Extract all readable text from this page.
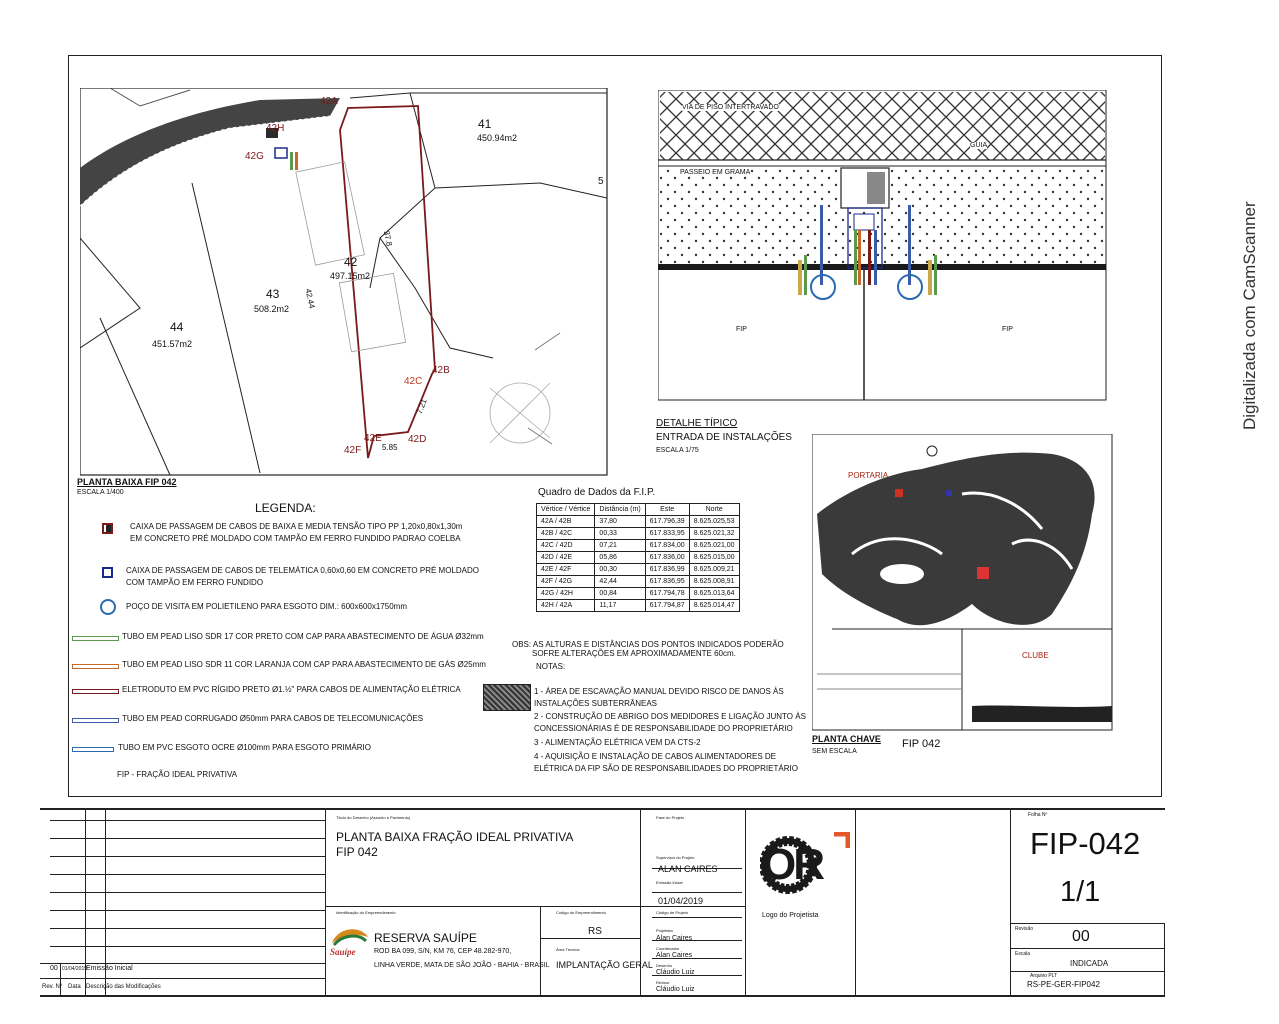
Digitalizada com CamScanner
41
450.94m2
42
497.15m2
43
508.2m2
44
451.57m2
42A
42B
42C
42D
42E
42F
42G
42H
37.8
42.44
5.85
7.21
5
PLANTA BAIXA FIP 042
ESCALA 1/400
VIA DE PISO INTERTRAVADO
GUIA
PASSEIO EM GRAMA
FIP	FIP
DETALHE TÍPICO
ENTRADA DE INSTALAÇÕES
ESCALA 1/75
PORTARIA
CLUBE
PLANTA CHAVE
SEM ESCALA
FIP 042
LEGENDA:
CAIXA DE PASSAGEM DE CABOS DE BAIXA E MEDIA TENSÃO TIPO PP 1,20x0,80x1,30m
EM CONCRETO PRÉ MOLDADO COM TAMPÃO EM FERRO FUNDIDO PADRAO COELBA
CAIXA DE PASSAGEM DE CABOS DE TELEMÁTICA 0,60x0,60 EM CONCRETO PRÉ MOLDADO
COM TAMPÃO EM FERRO FUNDIDO
POÇO DE VISITA EM POLIETILENO PARA ESGOTO DIM.: 600x600x1750mm
TUBO EM PEAD LISO SDR 17 COR PRETO COM CAP PARA ABASTECIMENTO DE ÁGUA Ø32mm
TUBO EM PEAD LISO SDR 11 COR LARANJA COM CAP PARA ABASTECIMENTO DE GÁS Ø25mm
ELETRODUTO EM PVC RÍGIDO PRETO Ø1.½" PARA CABOS DE ALIMENTAÇÃO ELÉTRICA
TUBO EM PEAD CORRUGADO Ø50mm PARA CABOS DE TELECOMUNICAÇÕES
TUBO EM PVC ESGOTO OCRE Ø100mm PARA ESGOTO PRIMÁRIO
FIP - FRAÇÃO IDEAL PRIVATIVA
Quadro de Dados da F.I.P.
Vértice / Vértice	Distância (m)	Este	Norte
42A / 42B	37,80	617.796,39	8.625.025,53
42B / 42C	00,33	617.833,95	8.625.021,32
42C / 42D	07,21	617.834,00	8.625.021,00
42D / 42E	05,86	617.836,00	8.625.015,00
42E / 42F	00,30	617.836,99	8.625.009,21
42F / 42G	42,44	617.836,95	8.625.008,91
42G / 42H	00,84	617.794,78	8.625.013,64
42H / 42A	11,17	617.794,87	8.625.014,47
OBS: AS ALTURAS E DISTÂNCIAS DOS PONTOS INDICADOS PODERÃO
SOFRE ALTERAÇÕES EM APROXIMADAMENTE 60cm.
NOTAS:
1 - ÁREA DE ESCAVAÇÃO MANUAL DEVIDO RISCO DE DANOS ÀS
INSTALAÇÕES SUBTERRÂNEAS
2 - CONSTRUÇÃO DE ABRIGO DOS MEDIDORES E LIGAÇÃO JUNTO ÀS
CONCESSIONÁRIAS É DE RESPONSABILIDADE DO PROPRIETÁRIO
3 - ALIMENTAÇÃO ELÉTRICA VEM DA CTS-2
4 - AQUISIÇÃO E INSTALAÇÃO DE CABOS ALIMENTADORES DE
ELÉTRICA DA FIP SÃO DE RESPONSABILIDADES DO PROPRIETÁRIO
Título do Desenho (Assunto e Pavimento)
PLANTA BAIXA FRAÇÃO IDEAL PRIVATIVA
FIP 042
Fase do Projeto
Supervisor do Projeto
ALAN CAIRES
Emissão inicial
01/04/2019
OR
Logo do Projetista
Folha Nº
FIP-042
1/1
Revisão 00
Escala
INDICADA
Arquivo PLT
RS-PE-GER-FIP042
Identificação do Empreendimento
Sauípe
RESERVA SAUÍPE
ROD BA 099, S/N, KM 76, CEP 48.282-970,
LINHA VERDE, MATA DE SÃO JOÃO - BAHIA - BRASIL
Código do Empreendimento
RS
Área Técnica
IMPLANTAÇÃO GERAL
Código de Projeto
Projetista
Alan Caires
Coordenador
Alan Caires
Desenho
Cláudio Luiz
Revisor
Cláudio Luiz
00 01/04/2019
Emissão Inicial
Rev. Nº Data Descrição das Modificações
